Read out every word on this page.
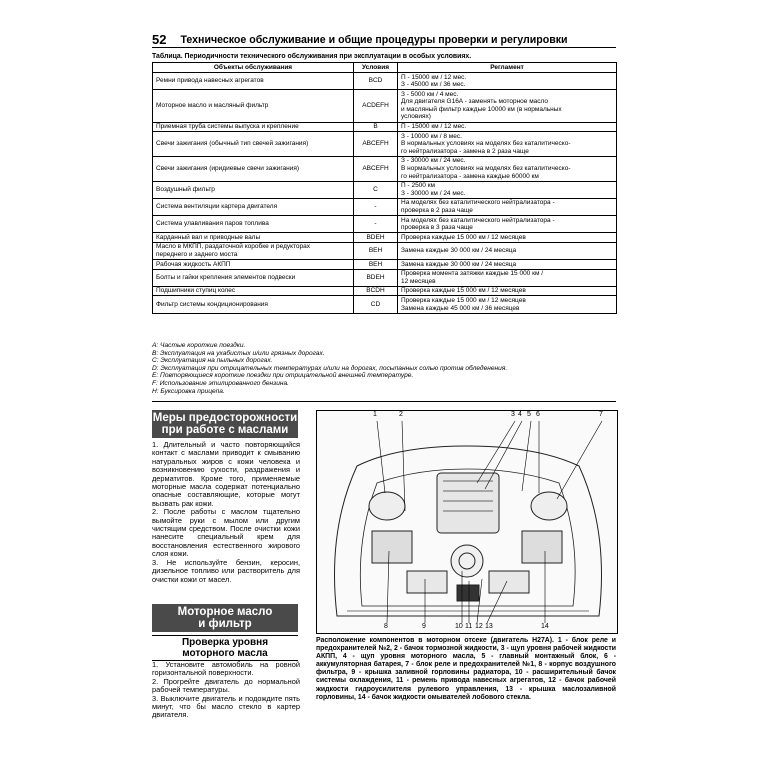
52 Техническое обслуживание и общие процедуры проверки и регулировки
Таблица. Периодичности технического обслуживания при эксплуатации в особых условиях.
Объекты обслуживания	Условия	Регламент
Ремни привода навесных агрегатов	BCD	П - 15000 км / 12 мес.
З - 45000 км / 36 мес.
Моторное масло и масляный фильтр	ACDEFH	З - 5000 км / 4 мес.
Для двигателя G16A - заменять моторное масло
и масляный фильтр каждые 10000 км (в нормальных
условиях)
Приемная труба системы выпуска и крепление	B	П - 15000 км / 12 мес.
Свечи зажигания (обычный тип свечей зажигания)	ABCEFH	З - 10000 км / 8 мес.
В нормальных условиях на моделях без каталитическо-
го нейтрализатора - замена в 2 раза чаще
Свечи зажигания (иридиевые свечи зажигания)	ABCEFH	З - 30000 км / 24 мес.
В нормальных условиях на моделях без каталитическо-
го нейтрализатора - замена каждые 60000 км
Воздушный фильтр	C	П - 2500 км
З - 30000 км / 24 мес.
Система вентиляции картера двигателя	-	На моделях без каталитического нейтрализатора -
проверка в 2 раза чаще
Система улавливания паров топлива	-	На моделях без каталитического нейтрализатора -
проверка в 3 раза чаще
Карданный вал и приводные валы	BDEH	Проверка каждые 15 000 км / 12 месяцев
Масло в МКПП, раздаточной коробке и редукторах
переднего и заднего моста	BEH	Замена каждые 30 000 км / 24 месяца
Рабочая жидкость АКПП	BEH	Замена каждые 30 000 км / 24 месяца
Болты и гайки крепления элементов подвески	BDEH	Проверка момента затяжки каждые 15 000 км /
12 месяцев
Подшипники ступиц колес	BCDH	Проверка каждые 15 000 км / 12 месяцев
Фильтр системы кондиционирования	CD	Проверка каждые 15 000 км / 12 месяцев
Замена каждые 45 000 км / 36 месяцев
А: Частые короткие поездки.
В: Эксплуатация на ухабистых и/или грязных дорогах.
С: Эксплуатация на пыльных дорогах.
D: Эксплуатация при отрицательных температурах и/или на дорогах, посыпанных солью против обледенения.
Е: Повторяющиеся короткие поездки при отрицательной внешней температуре.
F: Использование этилированного бензина.
Н: Буксировка прицепа.
Меры предосторожности
при работе с маслами

1. Длительный и часто повторяющийся контакт с маслами приводит к смыванию натуральных жиров с кожи человека и возникновению сухости, раздражения и дерматитов. Кроме того, применяемые моторные масла содержат потенциально опасные составляющие, которые могут вызвать рак кожи.

2. После работы с маслом тщательно вымойте руки с мылом или другим чистящим средством. После очистки кожи нанесите специальный крем для восстановления естественного жирового слоя кожи.

3. Не используйте бензин, керосин, дизельное топливо или растворитель для очистки кожи от масел.

Моторное масло
и фильтр
Проверка уровня
моторного масла

1. Установите автомобиль на ровной горизонтальной поверхности.

2. Прогрейте двигатель до нормальной рабочей температуры.

3. Выключите двигатель и подождите пять минут, что бы масло стекло в картер двигателя.

1	2	3 4 5 6	7
8	9	10 11 12 13	14
Расположение компонентов в моторном отсеке (двигатель H27A). 1 - блок реле и предохранителей №2, 2 - бачок тормозной жидкости, 3 - щуп уровня рабочей жидкости АКПП, 4 - щуп уровня моторного масла, 5 - главный монтажный блок, 6 - аккумуляторная батарея, 7 - блок реле и предохранителей №1, 8 - корпус воздушного фильтра, 9 - крышка заливной горловины радиатора, 10 - расширительный бачок системы охлаждения, 11 - ремень привода навесных агрегатов, 12 - бачок рабочей жидкости гидроусилителя рулевого управления, 13 - крышка маслозаливной горловины, 14 - бачок жидкости омывателей лобового стекла.
